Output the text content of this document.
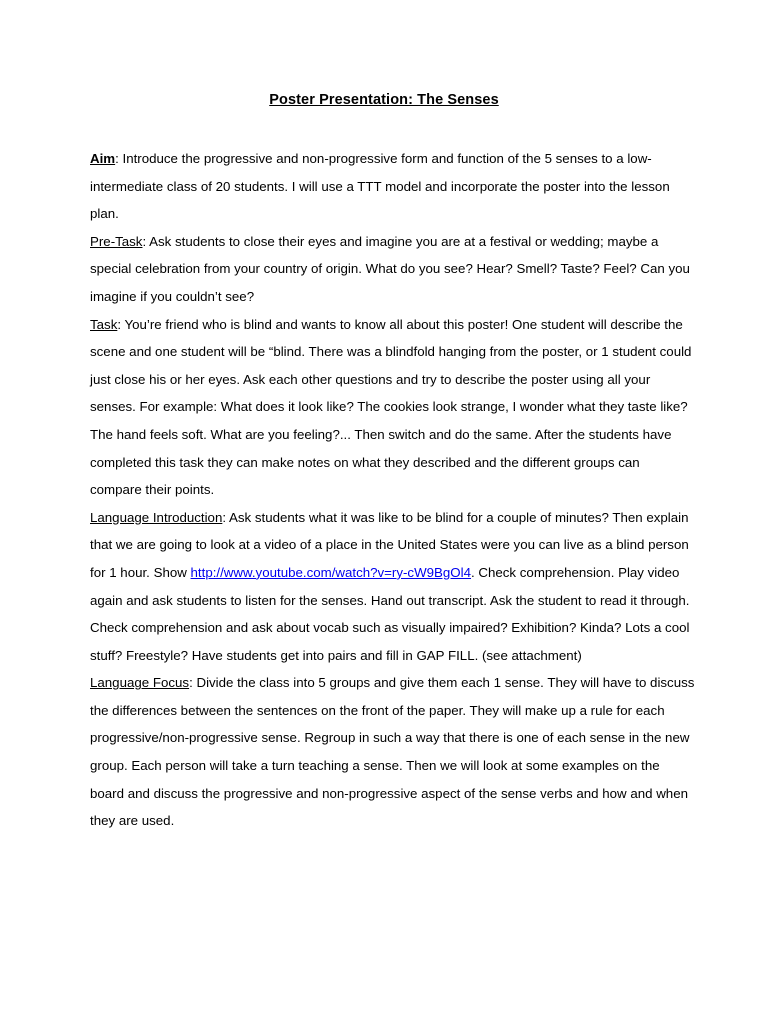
Poster Presentation: The Senses

Aim: Introduce the progressive and non-progressive form and function of the 5 senses to a low-intermediate class of 20 students. I will use a TTT model and incorporate the poster into the lesson plan.

Pre-Task: Ask students to close their eyes and imagine you are at a festival or wedding; maybe a special celebration from your country of origin. What do you see? Hear? Smell? Taste? Feel? Can you imagine if you couldn’t see?

Task: You’re friend who is blind and wants to know all about this poster! One student will describe the scene and one student will be “blind. There was a blindfold hanging from the poster, or 1 student could just close his or her eyes. Ask each other questions and try to describe the poster using all your senses. For example: What does it look like? The cookies look strange, I wonder what they taste like? The hand feels soft. What are you feeling?... Then switch and do the same. After the students have completed this task they can make notes on what they described and the different groups can compare their points.

Language Introduction: Ask students what it was like to be blind for a couple of minutes? Then explain that we are going to look at a video of a place in the United States were you can live as a blind person for 1 hour. Show http://www.youtube.com/watch?v=ry-cW9BgOl4. Check comprehension. Play video again and ask students to listen for the senses. Hand out transcript. Ask the student to read it through. Check comprehension and ask about vocab such as visually impaired? Exhibition? Kinda? Lots a cool stuff? Freestyle? Have students get into pairs and fill in GAP FILL. (see attachment)

Language Focus: Divide the class into 5 groups and give them each 1 sense. They will have to discuss the differences between the sentences on the front of the paper. They will make up a rule for each progressive/non-progressive sense. Regroup in such a way that there is one of each sense in the new group. Each person will take a turn teaching a sense. Then we will look at some examples on the board and discuss the progressive and non-progressive aspect of the sense verbs and how and when they are used.
